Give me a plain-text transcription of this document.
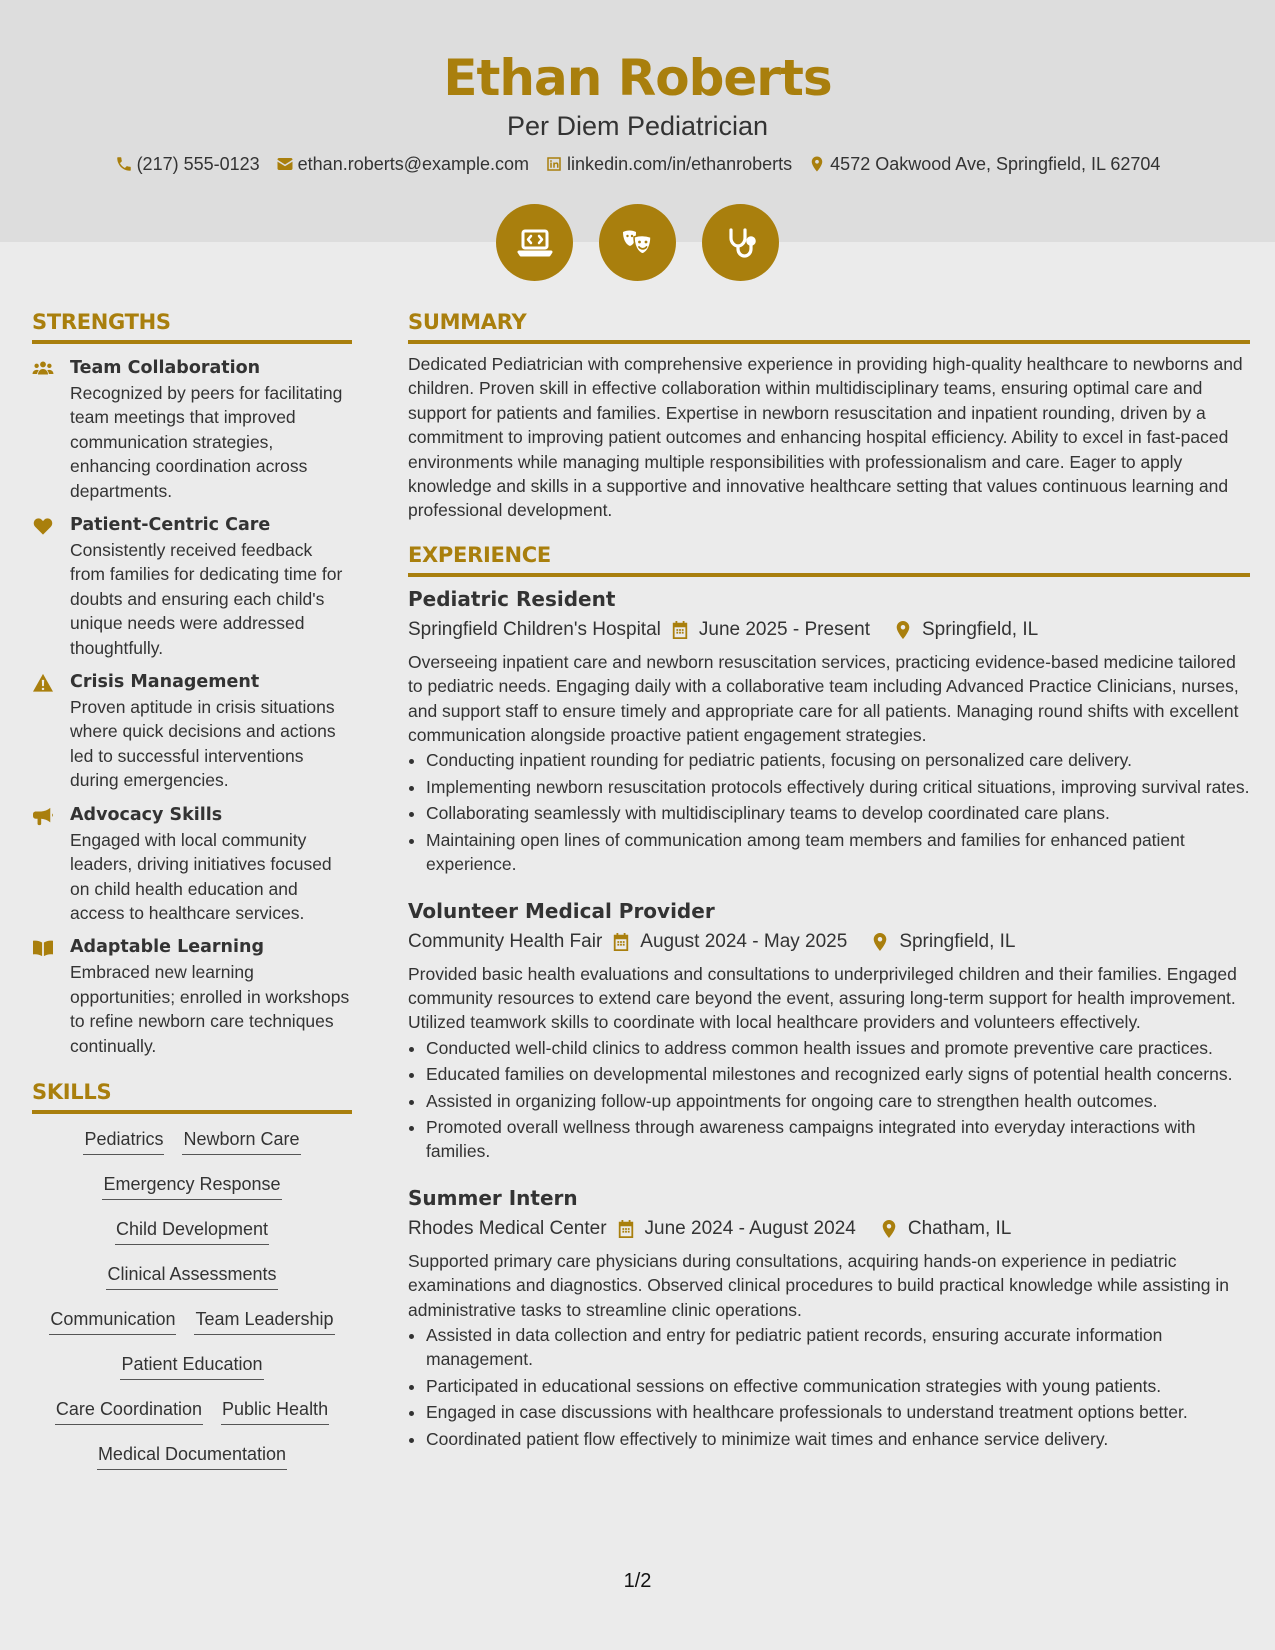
Ethan Roberts
Per Diem Pediatrician
(217) 555-0123 ethan.roberts@example.com linkedin.com/in/ethanroberts 4572 Oakwood Ave, Springfield, IL 62704
STRENGTHS
Team Collaboration
Recognized by peers for facilitating team meetings that improved communication strategies, enhancing coordination across departments.
Patient-Centric Care
Consistently received feedback from families for dedicating time for doubts and ensuring each child's unique needs were addressed thoughtfully.
Crisis Management
Proven aptitude in crisis situations where quick decisions and actions led to successful interventions during emergencies.
Advocacy Skills
Engaged with local community leaders, driving initiatives focused on child health education and access to healthcare services.
Adaptable Learning
Embraced new learning opportunities; enrolled in workshops to refine newborn care techniques continually.
SKILLS
Pediatrics Newborn Care
Emergency Response
Child Development
Clinical Assessments
Communication Team Leadership
Patient Education
Care Coordination Public Health
Medical Documentation
SUMMARY
Dedicated Pediatrician with comprehensive experience in providing high-quality healthcare to newborns and children. Proven skill in effective collaboration within multidisciplinary teams, ensuring optimal care and support for patients and families. Expertise in newborn resuscitation and inpatient rounding, driven by a commitment to improving patient outcomes and enhancing hospital efficiency. Ability to excel in fast-paced environments while managing multiple responsibilities with professionalism and care. Eager to apply knowledge and skills in a supportive and innovative healthcare setting that values continuous learning and professional development.
EXPERIENCE
Pediatric Resident
Springfield Children's Hospital June 2025 - Present	Springfield, IL
Overseeing inpatient care and newborn resuscitation services, practicing evidence-based medicine tailored to pediatric needs. Engaging daily with a collaborative team including Advanced Practice Clinicians, nurses, and support staff to ensure timely and appropriate care for all patients. Managing round shifts with excellent communication alongside proactive patient engagement strategies.
• Conducting inpatient rounding for pediatric patients, focusing on personalized care delivery.
• Implementing newborn resuscitation protocols effectively during critical situations, improving survival rates.
• Collaborating seamlessly with multidisciplinary teams to develop coordinated care plans.
• Maintaining open lines of communication among team members and families for enhanced patient experience.
Volunteer Medical Provider
Community Health Fair August 2024 - May 2025	Springfield, IL
Provided basic health evaluations and consultations to underprivileged children and their families. Engaged community resources to extend care beyond the event, assuring long-term support for health improvement. Utilized teamwork skills to coordinate with local healthcare providers and volunteers effectively.
• Conducted well-child clinics to address common health issues and promote preventive care practices.
• Educated families on developmental milestones and recognized early signs of potential health concerns.
• Assisted in organizing follow-up appointments for ongoing care to strengthen health outcomes.
• Promoted overall wellness through awareness campaigns integrated into everyday interactions with families.
Summer Intern
Rhodes Medical Center June 2024 - August 2024	Chatham, IL
Supported primary care physicians during consultations, acquiring hands-on experience in pediatric examinations and diagnostics. Observed clinical procedures to build practical knowledge while assisting in administrative tasks to streamline clinic operations.
• Assisted in data collection and entry for pediatric patient records, ensuring accurate information management.
• Participated in educational sessions on effective communication strategies with young patients.
• Engaged in case discussions with healthcare professionals to understand treatment options better.
• Coordinated patient flow effectively to minimize wait times and enhance service delivery.
1/2
